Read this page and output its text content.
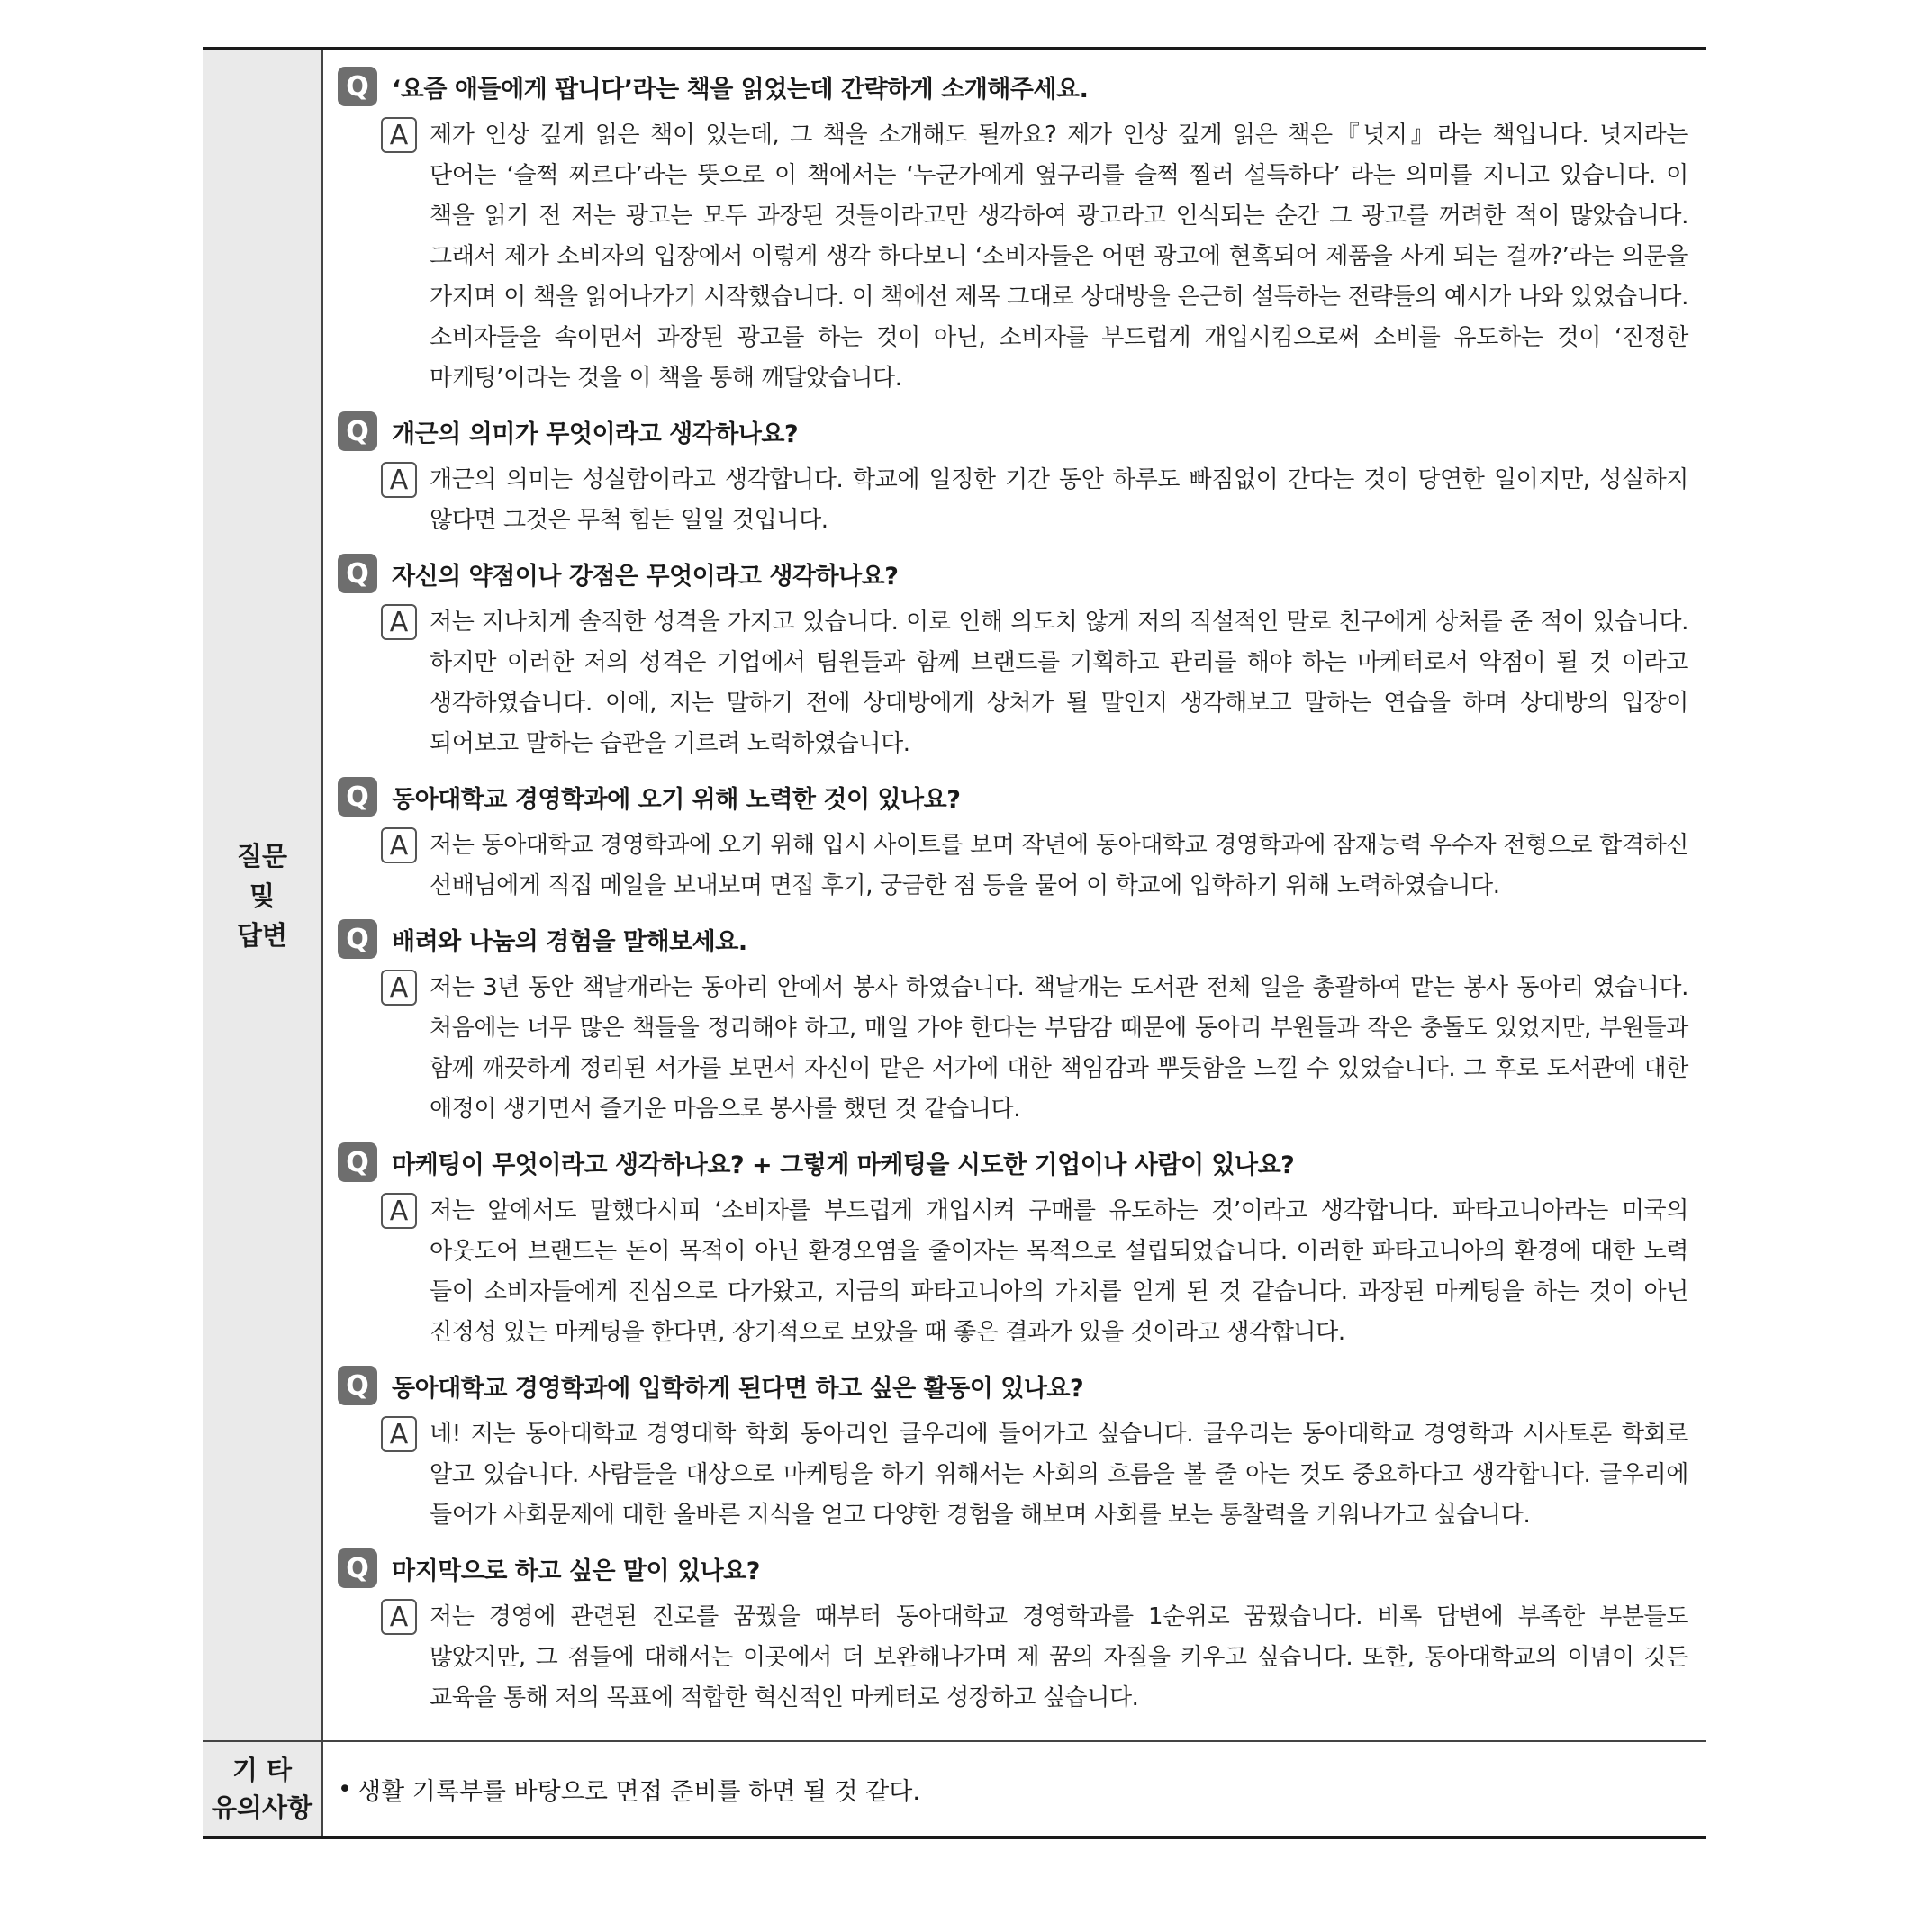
질문
및
답변
Q ‘요즘 애들에게 팝니다’라는 책을 읽었는데 간략하게 소개해주세요.
A 제가 인상 깊게 읽은 책이 있는데, 그 책을 소개해도 될까요? 제가 인상 깊게 읽은 책은『넛지』라는 책입니다. 넛지라는 단어는 ‘슬쩍 찌르다’라는 뜻으로 이 책에서는 ‘누군가에게 옆구리를 슬쩍 찔러 설득하다’ 라는 의미를 지니고 있습니다. 이 책을 읽기 전 저는 광고는 모두 과장된 것들이라고만 생각하여 광고라고 인식되는 순간 그 광고를 꺼려한 적이 많았습니다. 그래서 제가 소비자의 입장에서 이렇게 생각 하다보니 ‘소비자들은 어떤 광고에 현혹되어 제품을 사게 되는 걸까?’라는 의문을 가지며 이 책을 읽어나가기 시작했습니다. 이 책에선 제목 그대로 상대방을 은근히 설득하는 전략들의 예시가 나와 있었습니다. 소비자들을 속이면서 과장된 광고를 하는 것이 아닌, 소비자를 부드럽게 개입시킴으로써 소비를 유도하는 것이 ‘진정한 마케팅’이라는 것을 이 책을 통해 깨달았습니다.
Q 개근의 의미가 무엇이라고 생각하나요?
A 개근의 의미는 성실함이라고 생각합니다. 학교에 일정한 기간 동안 하루도 빠짐없이 간다는 것이 당연한 일이지만, 성실하지 않다면 그것은 무척 힘든 일일 것입니다.
Q 자신의 약점이나 강점은 무엇이라고 생각하나요?
A 저는 지나치게 솔직한 성격을 가지고 있습니다. 이로 인해 의도치 않게 저의 직설적인 말로 친구에게 상처를 준 적이 있습니다. 하지만 이러한 저의 성격은 기업에서 팀원들과 함께 브랜드를 기획하고 관리를 해야 하는 마케터로서 약점이 될 것 이라고 생각하였습니다. 이에, 저는 말하기 전에 상대방에게 상처가 될 말인지 생각해보고 말하는 연습을 하며 상대방의 입장이 되어보고 말하는 습관을 기르려 노력하였습니다.
Q 동아대학교 경영학과에 오기 위해 노력한 것이 있나요?
A 저는 동아대학교 경영학과에 오기 위해 입시 사이트를 보며 작년에 동아대학교 경영학과에 잠재능력 우수자 전형으로 합격하신 선배님에게 직접 메일을 보내보며 면접 후기, 궁금한 점 등을 물어 이 학교에 입학하기 위해 노력하였습니다.
Q 배려와 나눔의 경험을 말해보세요.
A 저는 3년 동안 책날개라는 동아리 안에서 봉사 하였습니다. 책날개는 도서관 전체 일을 총괄하여 맡는 봉사 동아리 였습니다. 처음에는 너무 많은 책들을 정리해야 하고, 매일 가야 한다는 부담감 때문에 동아리 부원들과 작은 충돌도 있었지만, 부원들과 함께 깨끗하게 정리된 서가를 보면서 자신이 맡은 서가에 대한 책임감과 뿌듯함을 느낄 수 있었습니다. 그 후로 도서관에 대한 애정이 생기면서 즐거운 마음으로 봉사를 했던 것 같습니다.
Q 마케팅이 무엇이라고 생각하나요? + 그렇게 마케팅을 시도한 기업이나 사람이 있나요?
A 저는 앞에서도 말했다시피 ‘소비자를 부드럽게 개입시켜 구매를 유도하는 것’이라고 생각합니다. 파타고니아라는 미국의 아웃도어 브랜드는 돈이 목적이 아닌 환경오염을 줄이자는 목적으로 설립되었습니다. 이러한 파타고니아의 환경에 대한 노력 들이 소비자들에게 진심으로 다가왔고, 지금의 파타고니아의 가치를 얻게 된 것 같습니다. 과장된 마케팅을 하는 것이 아닌 진정성 있는 마케팅을 한다면, 장기적으로 보았을 때 좋은 결과가 있을 것이라고 생각합니다.
Q 동아대학교 경영학과에 입학하게 된다면 하고 싶은 활동이 있나요?
A 네! 저는 동아대학교 경영대학 학회 동아리인 글우리에 들어가고 싶습니다. 글우리는 동아대학교 경영학과 시사토론 학회로 알고 있습니다. 사람들을 대상으로 마케팅을 하기 위해서는 사회의 흐름을 볼 줄 아는 것도 중요하다고 생각합니다. 글우리에 들어가 사회문제에 대한 올바른 지식을 얻고 다양한 경험을 해보며 사회를 보는 통찰력을 키워나가고 싶습니다.
Q 마지막으로 하고 싶은 말이 있나요?
A 저는 경영에 관련된 진로를 꿈꿨을 때부터 동아대학교 경영학과를 1순위로 꿈꿨습니다. 비록 답변에 부족한 부분들도 많았지만, 그 점들에 대해서는 이곳에서 더 보완해나가며 제 꿈의 자질을 키우고 싶습니다. 또한, 동아대학교의 이념이 깃든 교육을 통해 저의 목표에 적합한 혁신적인 마케터로 성장하고 싶습니다.
기 타
유의사항
• 생활 기록부를 바탕으로 면접 준비를 하면 될 것 같다.
